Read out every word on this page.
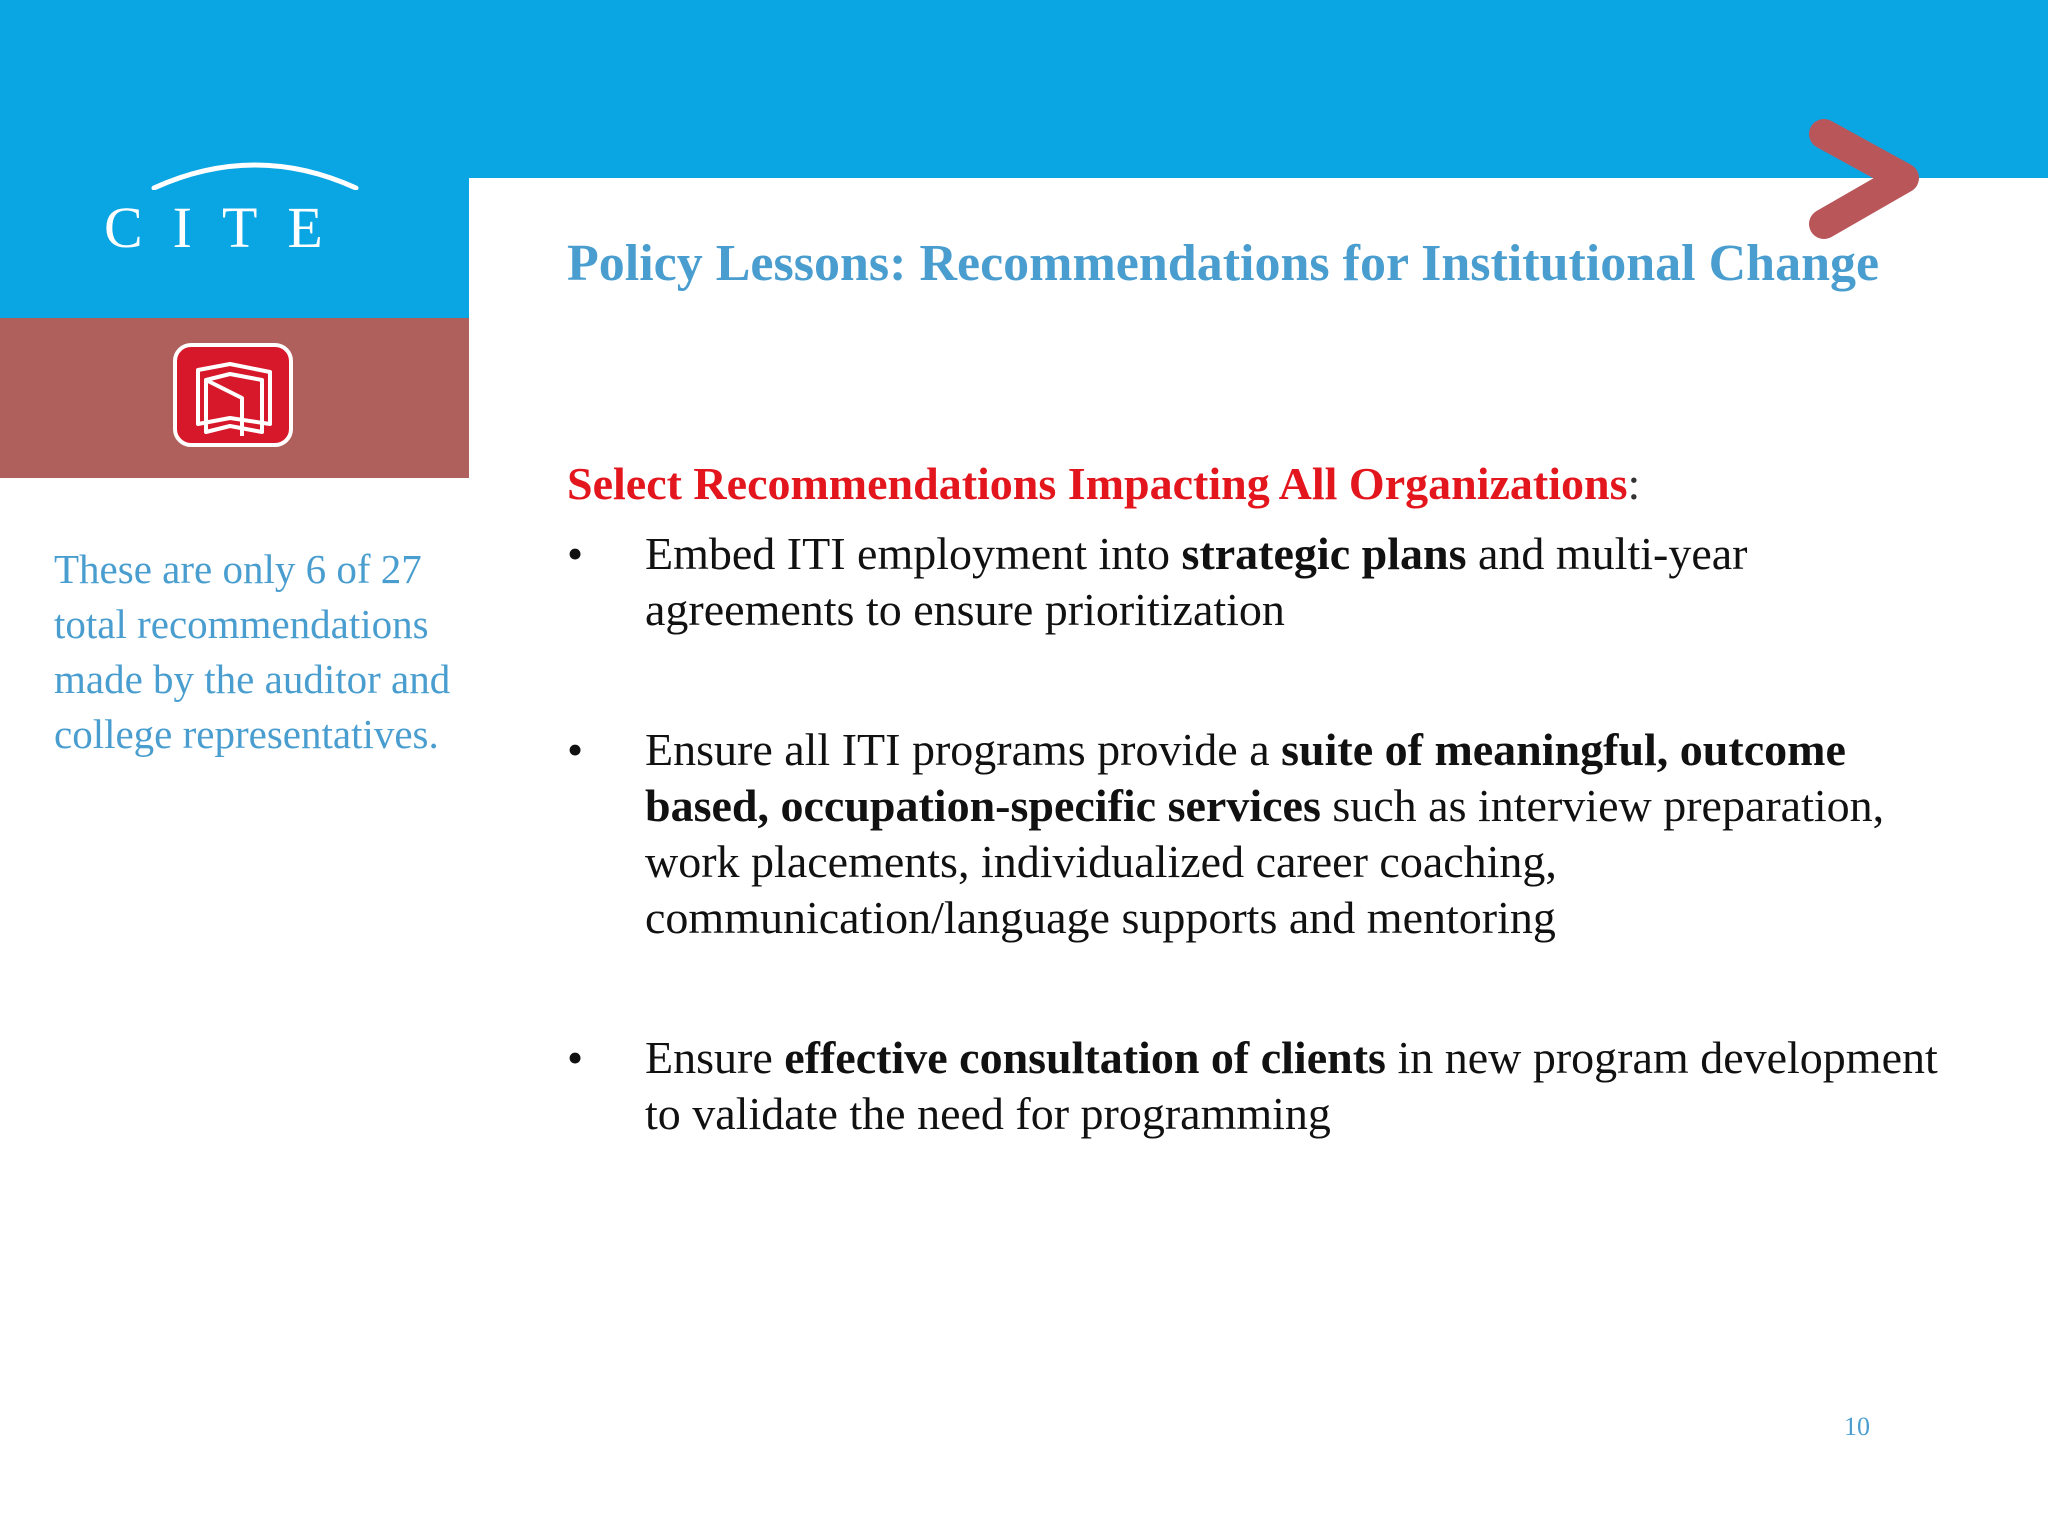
CITE

Policy Lessons: Recommendations for Institutional Change

Select Recommendations Impacting All Organizations:

•	Embed ITI employment into strategic plans and multi-year agreements to ensure prioritization
•	Ensure all ITI programs provide a suite of meaningful, outcome based, occupation-specific services such as interview preparation, work placements, individualized career coaching, communication/language supports and mentoring
•	Ensure effective consultation of clients in new program development to validate the need for programming

These are only 6 of 27 total recommendations made by the auditor and college representatives.

10
